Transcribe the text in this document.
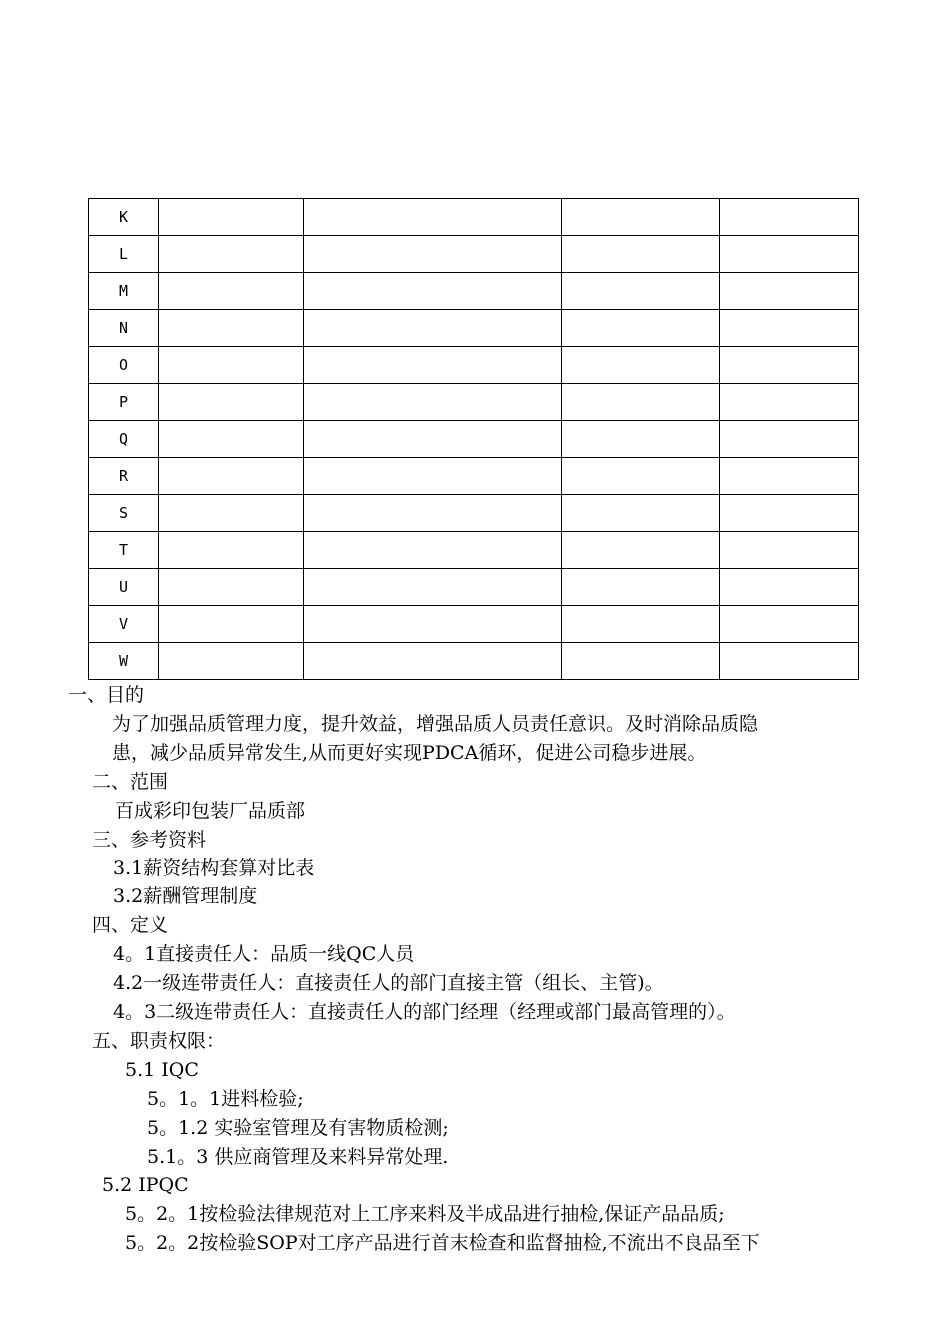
K				
L				
M				
N				
O				
P				
Q				
R				
S				
T				
U				
V				
W				
一、目的
为了加强品质管理力度，提升效益，增强品质人员责任意识。及时消除品质隐
患，减少品质异常发生,从而更好实现PDCA循环，促进公司稳步进展。
二、范围
百成彩印包装厂品质部
三、参考资料
3.1薪资结构套算对比表
3.2薪酬管理制度
四、定义
4。1直接责任人：品质一线QC人员
4.2一级连带责任人：直接责任人的部门直接主管（组长、主管)。
4。3二级连带责任人：直接责任人的部门经理（经理或部门最高管理的）。
五、职责权限：
5.1 IQC
5。1。1进料检验;
5。1.2 实验室管理及有害物质检测;
5.1。3 供应商管理及来料异常处理.
5.2 IPQC
5。2。1按检验法律规范对上工序来料及半成品进行抽检,保证产品品质;
5。2。2按检验SOP对工序产品进行首末检查和监督抽检,不流出不良品至下
